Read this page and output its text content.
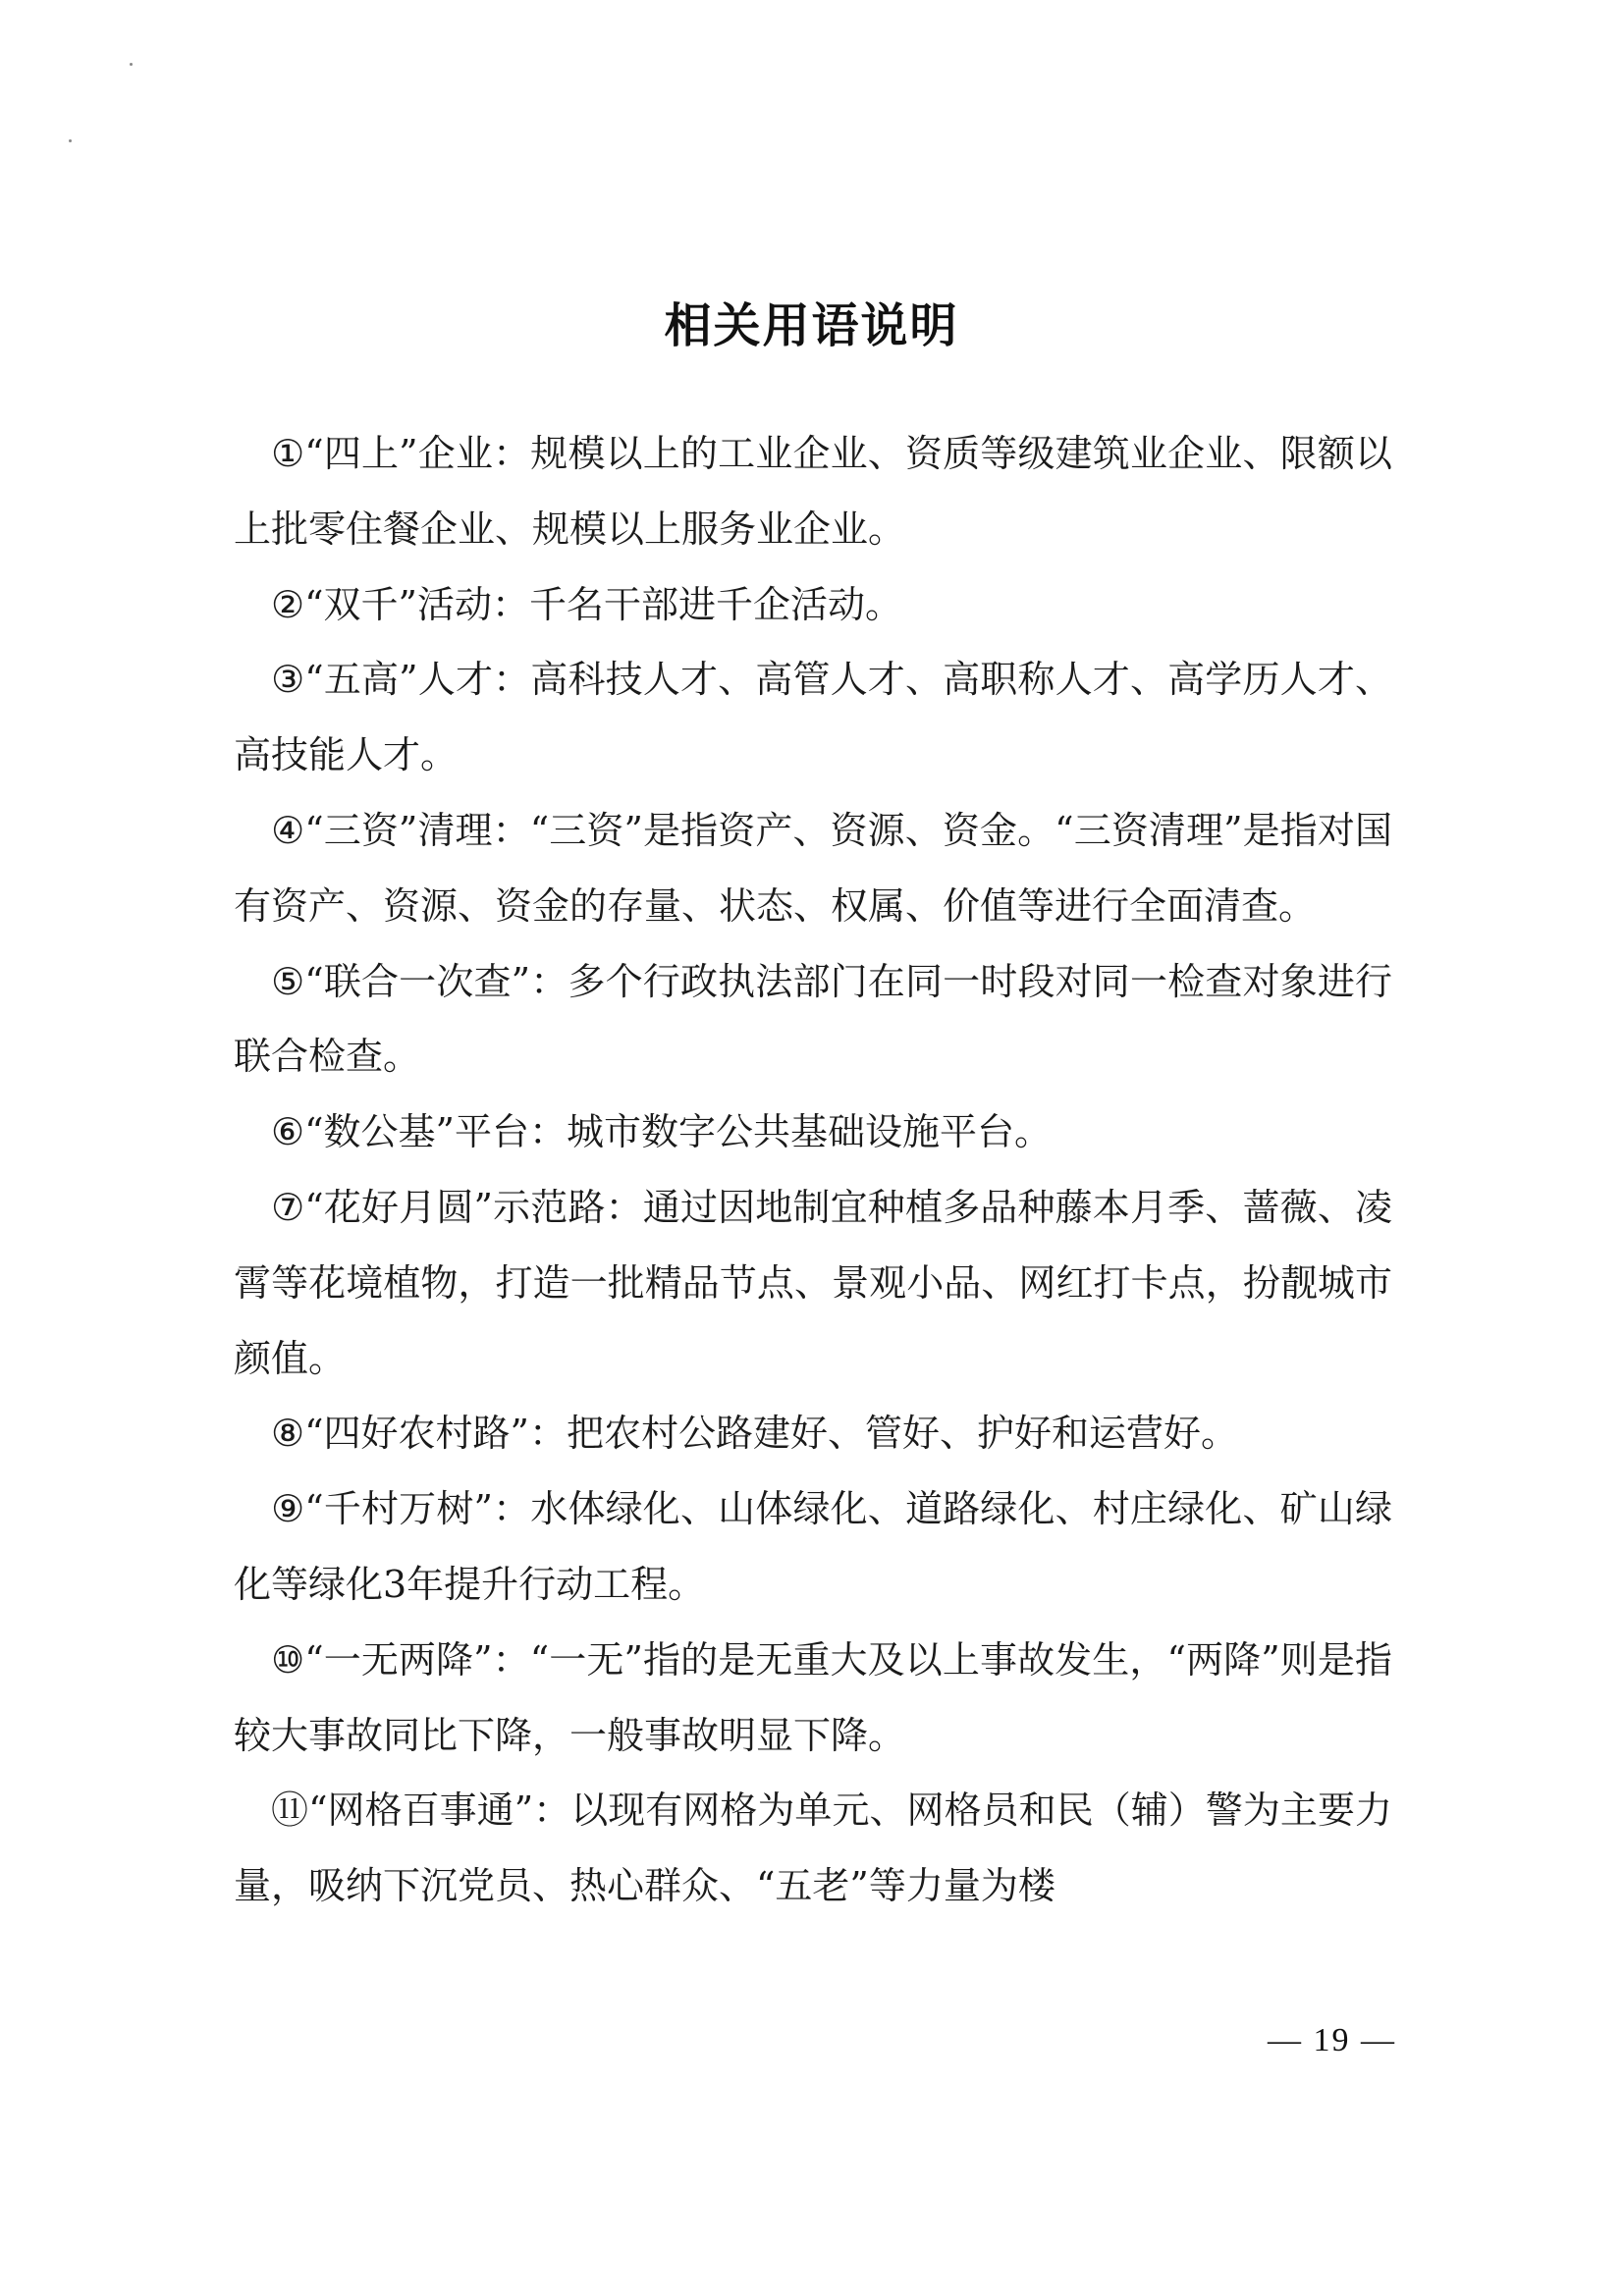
相关用语说明

　①“四上”企业：规模以上的工业企业、资质等级建筑业企业、限额以上批零住餐企业、规模以上服务业企业。

　②“双千”活动：千名干部进千企活动。

　③“五高”人才：高科技人才、高管人才、高职称人才、高学历人才、高技能人才。

　④“三资”清理：“三资”是指资产、资源、资金。“三资清理”是指对国有资产、资源、资金的存量、状态、权属、价值等进行全面清查。

　⑤“联合一次查”：多个行政执法部门在同一时段对同一检查对象进行联合检查。

　⑥“数公基”平台：城市数字公共基础设施平台。

　⑦“花好月圆”示范路：通过因地制宜种植多品种藤本月季、蔷薇、凌霄等花境植物，打造一批精品节点、景观小品、网红打卡点，扮靓城市颜值。

　⑧“四好农村路”：把农村公路建好、管好、护好和运营好。

　⑨“千村万树”：水体绿化、山体绿化、道路绿化、村庄绿化、矿山绿化等绿化3年提升行动工程。

　⑩“一无两降”：“一无”指的是无重大及以上事故发生，“两降”则是指较大事故同比下降，一般事故明显下降。

　⑪“网格百事通”：以现有网格为单元、网格员和民（辅）警为主要力量，吸纳下沉党员、热心群众、“五老”等力量为楼

— 19 —
